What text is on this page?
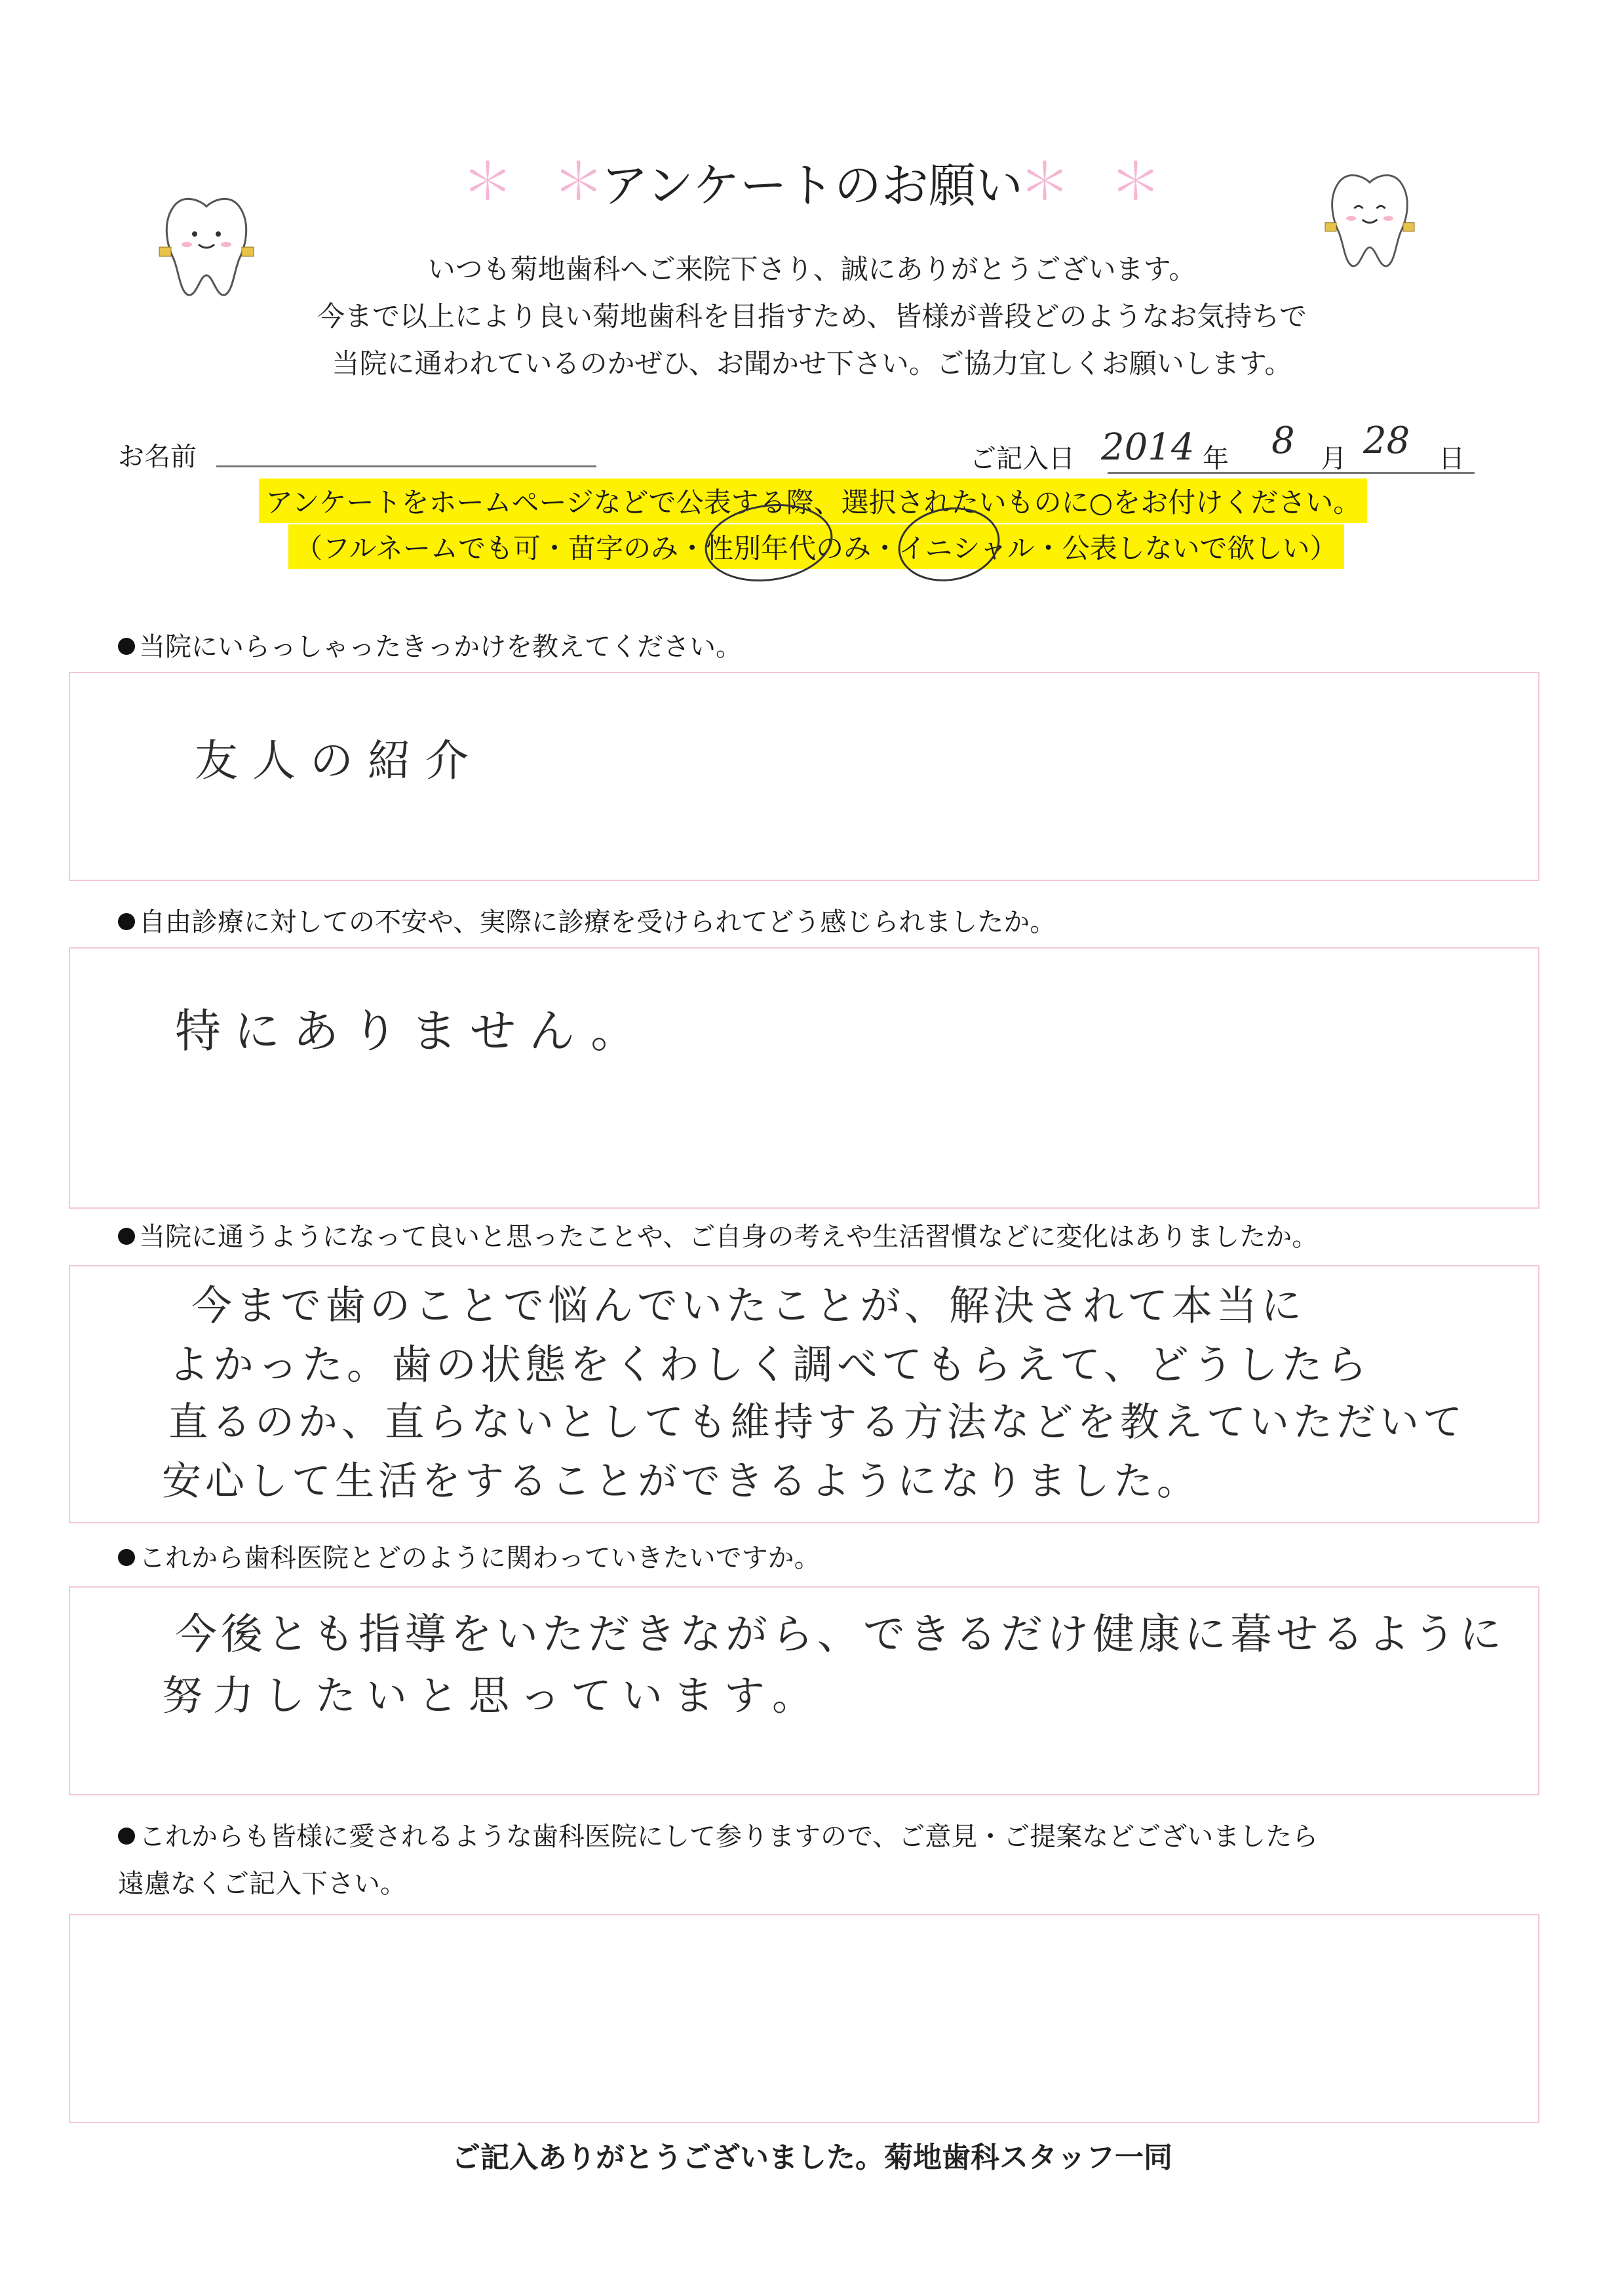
＊ ＊
アンケートのお願い
＊ ＊
いつも菊地歯科へご来院下さり、誠にありがとうございます。
今まで以上により良い菊地歯科を目指すため、皆様が普段どのようなお気持ちで
当院に通われているのかぜひ、お聞かせ下さい。ご協力宜しくお願いします。
お名前	ご記入日 2014 年 8 月 28 日
アンケートをホームページなどで公表する際、選択されたいものに○をお付けください。
（フルネームでも可・苗字のみ・性別年代のみ・イニシャル・公表しないで欲しい）
当院にいらっしゃったきっかけを教えてください。
友人の紹介
自由診療に対しての不安や、実際に診療を受けられてどう感じられましたか。
特にありません。
当院に通うようになって良いと思ったことや、ご自身の考えや生活習慣などに変化はありましたか。
今まで歯のことで悩んでいたことが、解決されて本当に
よかった。歯の状態をくわしく調べてもらえて、どうしたら
直るのか、直らないとしても維持する方法などを教えていただいて
安心して生活をすることができるようになりました。
これから歯科医院とどのように関わっていきたいですか。
今後とも指導をいただきながら、できるだけ健康に暮せるように
努力したいと思っています。
これからも皆様に愛されるような歯科医院にして参りますので、ご意見・ご提案などございましたら
遠慮なくご記入下さい。
ご記入ありがとうございました。菊地歯科スタッフ一同
